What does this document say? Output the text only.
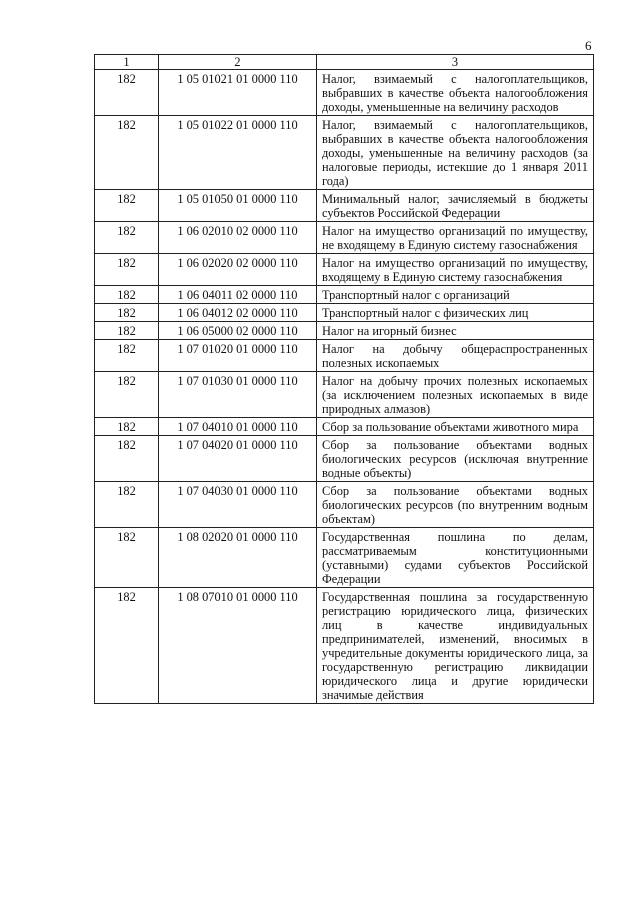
6
1	2	3
182	1 05 01021 01 0000 110	Налог, взимаемый с налогоплательщиков, выбравших в качестве объекта налогообложения доходы, уменьшенные на величину расходов
182	1 05 01022 01 0000 110	Налог, взимаемый с налогоплательщиков, выбравших в качестве объекта налогообложения доходы, уменьшенные на величину расходов (за налоговые периоды, истекшие до 1 января 2011 года)
182	1 05 01050 01 0000 110	Минимальный налог, зачисляемый в бюджеты субъектов Российской Федерации
182	1 06 02010 02 0000 110	Налог на имущество организаций по имуществу, не входящему в Единую систему газоснабжения
182	1 06 02020 02 0000 110	Налог на имущество организаций по имуществу, входящему в Единую систему газоснабжения
182	1 06 04011 02 0000 110	Транспортный налог с организаций
182	1 06 04012 02 0000 110	Транспортный налог с физических лиц
182	1 06 05000 02 0000 110	Налог на игорный бизнес
182	1 07 01020 01 0000 110	Налог на добычу общераспространенных полезных ископаемых
182	1 07 01030 01 0000 110	Налог на добычу прочих полезных ископаемых (за исключением полезных ископаемых в виде природных алмазов)
182	1 07 04010 01 0000 110	Сбор за пользование объектами животного мира
182	1 07 04020 01 0000 110	Сбор за пользование объектами водных биологических ресурсов (исключая внутренние водные объекты)
182	1 07 04030 01 0000 110	Сбор за пользование объектами водных биологических ресурсов (по внутренним водным объектам)
182	1 08 02020 01 0000 110	Государственная пошлина по делам, рассматриваемым конституционными (уставными) судами субъектов Российской Федерации
182	1 08 07010 01 0000 110	Государственная пошлина за государственную регистрацию юридического лица, физических лиц в качестве индивидуальных предпринимателей, изменений, вносимых в учредительные документы юридического лица, за государственную регистрацию ликвидации юридического лица и другие юридически значимые действия
